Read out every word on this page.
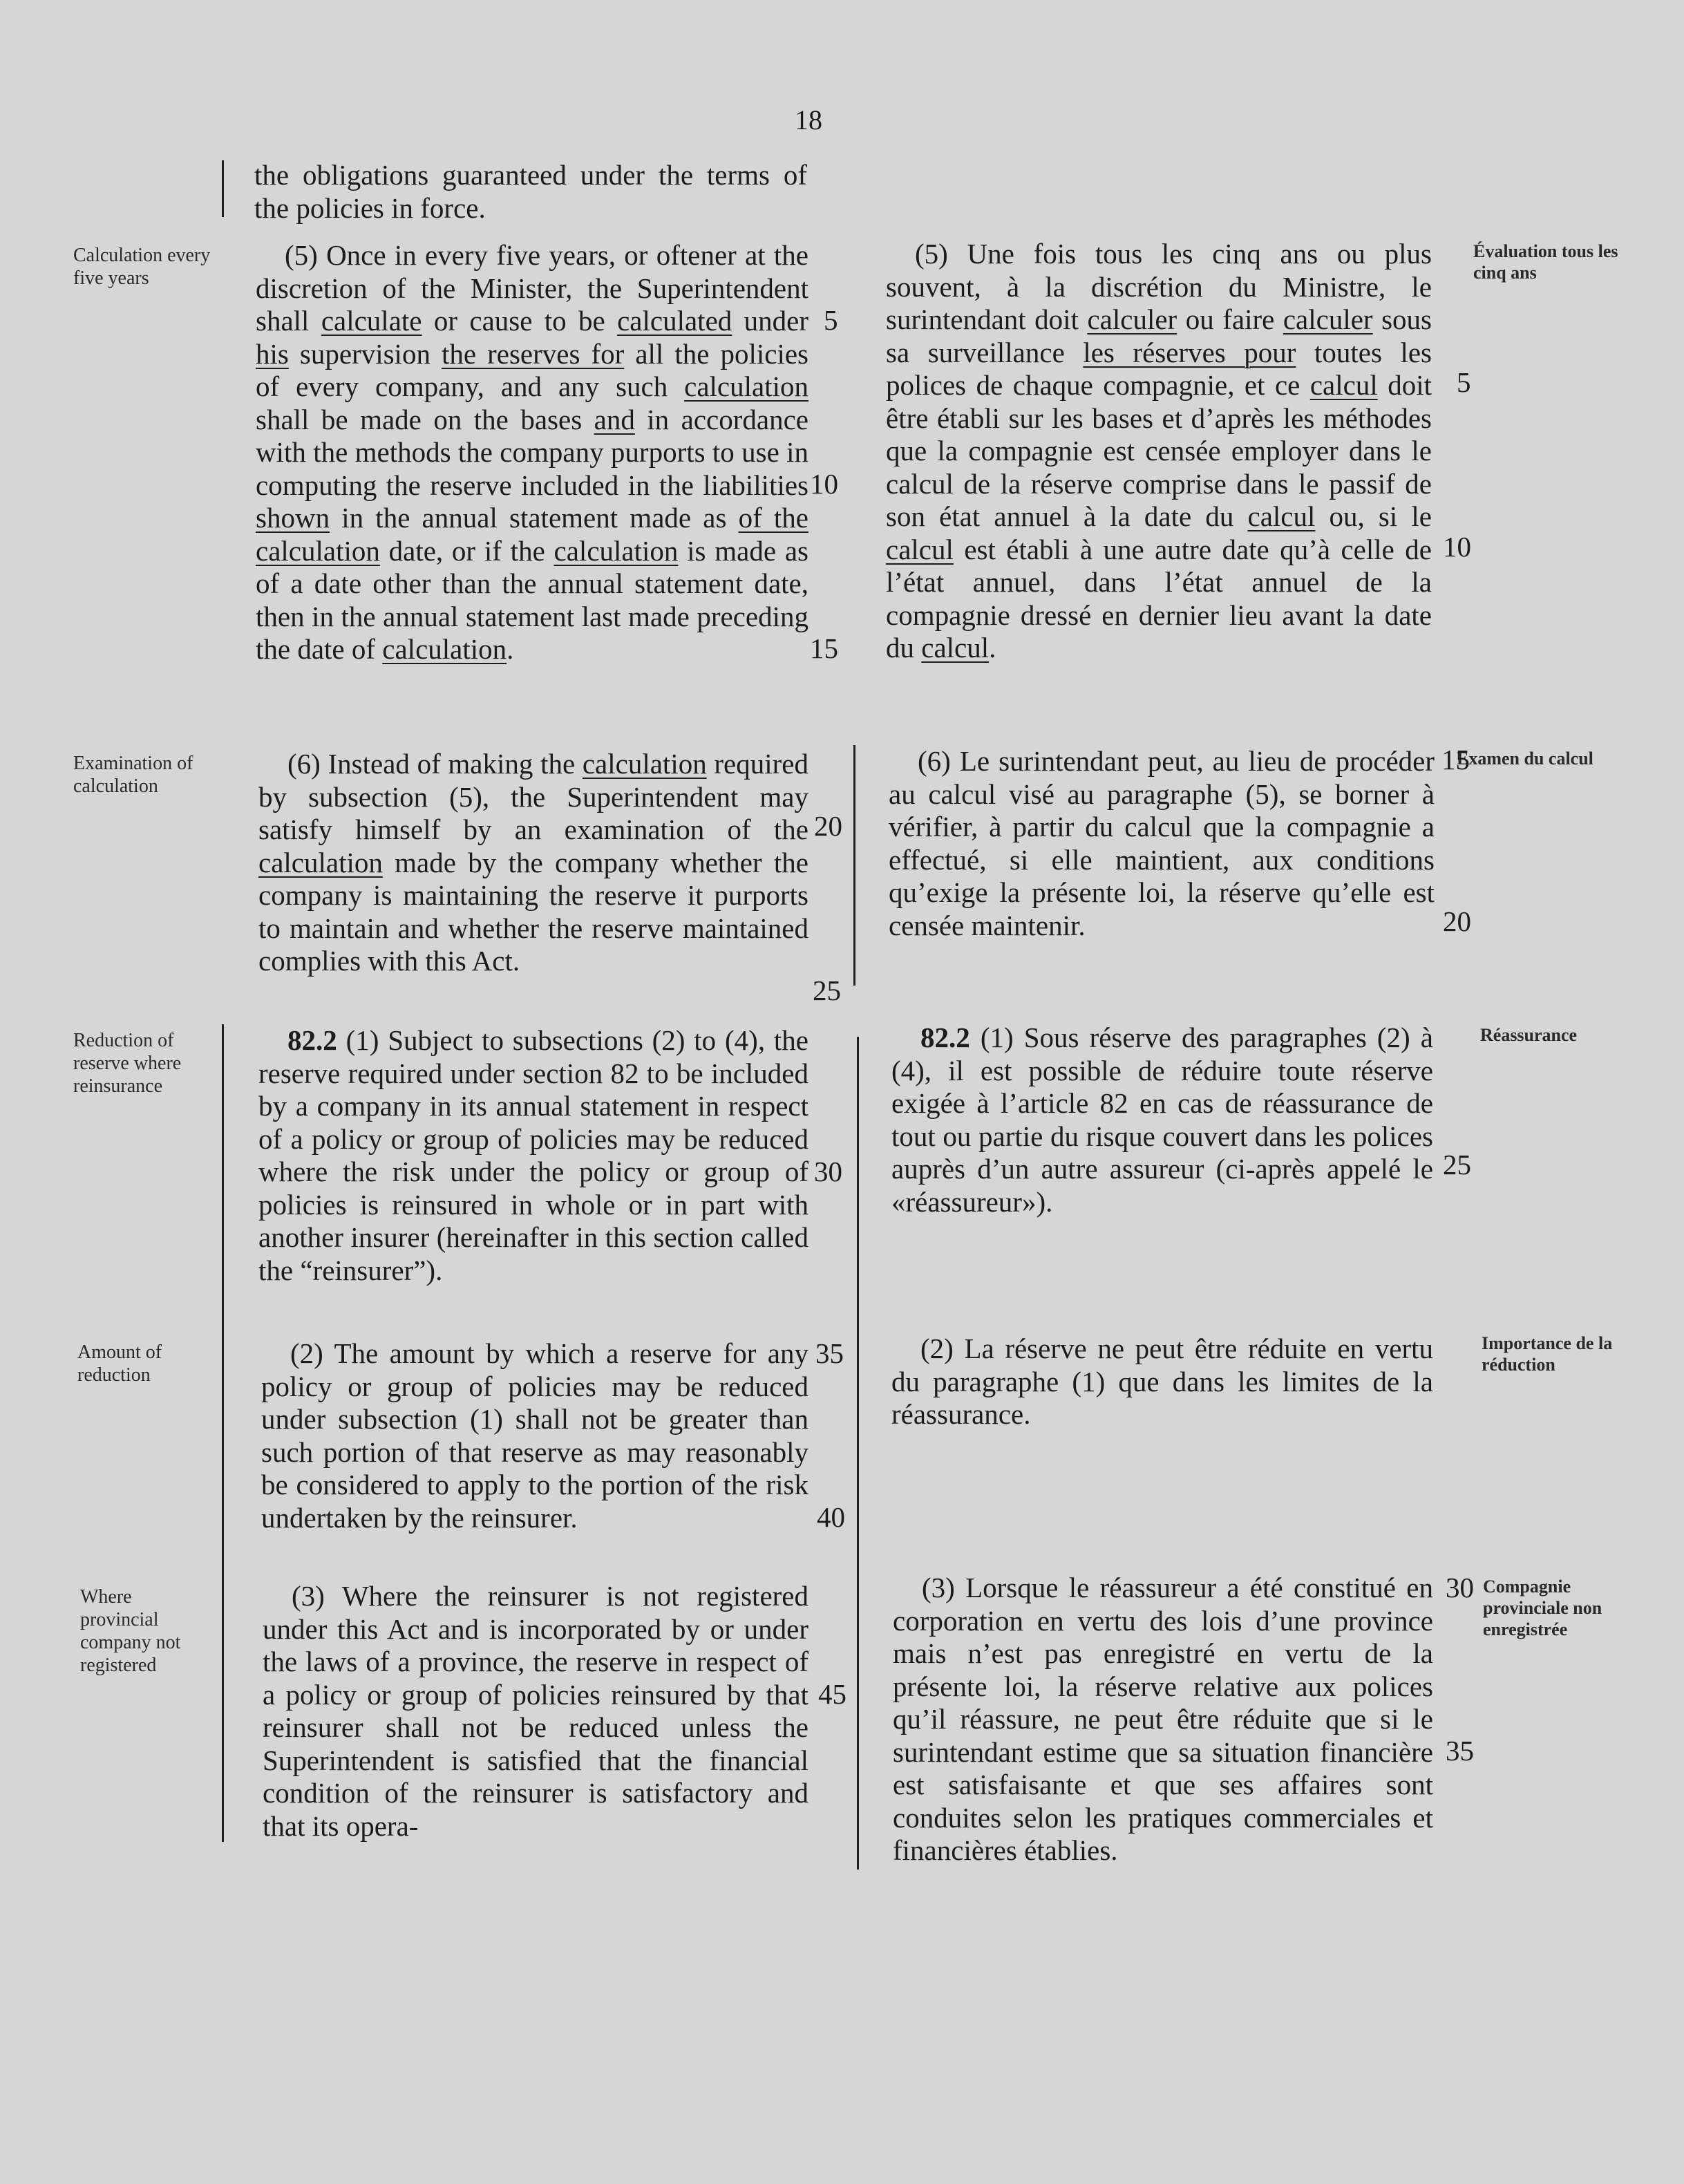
18
Calculation every five years
Examination of calculation
Reduction of reserve where reinsurance
Amount of reduction
Where provincial company not registered
Évaluation tous les cinq ans
Examen du calcul
Réassurance
Importance de la réduction
Compagnie provinciale non enregistrée

the obligations guaranteed under the terms of the policies in force.

(5) Once in every five years, or oftener at the discretion of the Minister, the Superintendent shall calculate or cause to be calculated under his supervision the reserves for all the policies of every company, and any such calculation shall be made on the bases and in accordance with the methods the company purports to use in computing the reserve included in the liabilities shown in the annual statement made as of the calculation date, or if the calculation is made as of a date other than the annual statement date, then in the annual statement last made preceding the date of calculation.

(6) Instead of making the calculation required by subsection (5), the Superintendent may satisfy himself by an examination of the calculation made by the company whether the company is maintaining the reserve it purports to maintain and whether the reserve maintained complies with this Act.

82.2 (1) Subject to subsections (2) to (4), the reserve required under section 82 to be included by a company in its annual statement in respect of a policy or group of policies may be reduced where the risk under the policy or group of policies is reinsured in whole or in part with another insurer (hereinafter in this section called the “reinsurer”).

(2) The amount by which a reserve for any policy or group of policies may be reduced under subsection (1) shall not be greater than such portion of that reserve as may reasonably be considered to apply to the portion of the risk undertaken by the reinsurer.

(3) Where the reinsurer is not registered under this Act and is incorporated by or under the laws of a province, the reserve in respect of a policy or group of policies reinsured by that reinsurer shall not be reduced unless the Superintendent is satisfied that the financial condition of the reinsurer is satisfactory and that its opera-

5
10
15
20
25
30
35
40
45

(5) Une fois tous les cinq ans ou plus souvent, à la discrétion du Ministre, le surintendant doit calculer ou faire calculer sous sa surveillance les réserves pour toutes les polices de chaque compagnie, et ce calcul doit être établi sur les bases et d’après les méthodes que la compagnie est censée employer dans le calcul de la réserve comprise dans le passif de son état annuel à la date du calcul ou, si le calcul est établi à une autre date qu’à celle de l’état annuel, dans l’état annuel de la compagnie dressé en dernier lieu avant la date du calcul.

(6) Le surintendant peut, au lieu de procéder au calcul visé au paragraphe (5), se borner à vérifier, à partir du calcul que la compagnie a effectué, si elle maintient, aux conditions qu’exige la présente loi, la réserve qu’elle est censée maintenir.

82.2 (1) Sous réserve des paragraphes (2) à (4), il est possible de réduire toute réserve exigée à l’article 82 en cas de réassurance de tout ou partie du risque couvert dans les polices auprès d’un autre assureur (ci-après appelé le «réassureur»).

(2) La réserve ne peut être réduite en vertu du paragraphe (1) que dans les limites de la réassurance.

(3) Lorsque le réassureur a été constitué en corporation en vertu des lois d’une province mais n’est pas enregistré en vertu de la présente loi, la réserve relative aux polices qu’il réassure, ne peut être réduite que si le surintendant estime que sa situation financière est satisfaisante et que ses affaires sont conduites selon les pratiques commerciales et financières établies.

5
10
15
20
25
30
35
